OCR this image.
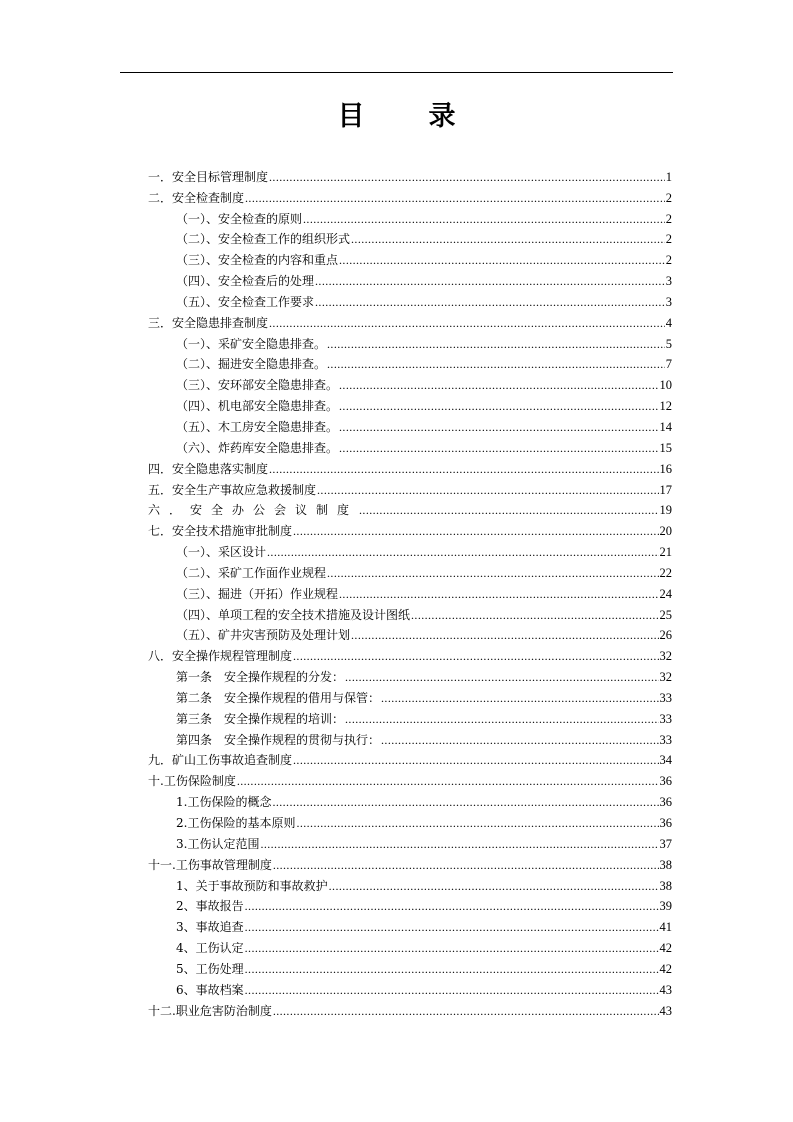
目 录
一．安全目标管理制度 .....	1
二．安全检查制度 .....	2
（一）、安全检查的原则 .....	2
（二）、安全检查工作的组织形式 .....	2
（三）、安全检查的内容和重点 .....	2
（四）、安全检查后的处理 .....	3
（五）、安全检查工作要求 .....	3
三．安全隐患排查制度 .....	4
（一）、采矿安全隐患排查。 .....	5
（二）、掘进安全隐患排查。 .....	7
（三）、安环部安全隐患排查。 .....	10
（四）、机电部安全隐患排查。 .....	12
（五）、木工房安全隐患排查。 .....	14
（六）、炸药库安全隐患排查。 .....	15
四．安全隐患落实制度 .....	16
五．安全生产事故应急救援制度 .....	17
六．安全办公会议制度 .....	19
七．安全技术措施审批制度 .....	20
（一）、采区设计 .....	21
（二）、采矿工作面作业规程 .....	22
（三）、掘进（开拓）作业规程 .....	24
（四）、单项工程的安全技术措施及设计图纸 .....	25
（五）、矿井灾害预防及处理计划 .....	26
八．安全操作规程管理制度 .....	32
第一条　安全操作规程的分发： .....	32
第二条　安全操作规程的借用与保管： .....	33
第三条　安全操作规程的培训： .....	33
第四条　安全操作规程的贯彻与执行： .....	33
九．矿山工伤事故追查制度 .....	34
十.工伤保险制度 .....	36
1.工伤保险的概念 .....	36
2.工伤保险的基本原则 .....	36
3.工伤认定范围 .....	37
十一.工伤事故管理制度 .....	38
1、关于事故预防和事故救护 .....	38
2、事故报告 .....	39
3、事故追查 .....	41
4、工伤认定 .....	42
5、工伤处理 .....	42
6、事故档案 .....	43
十二.职业危害防治制度 .....	43
